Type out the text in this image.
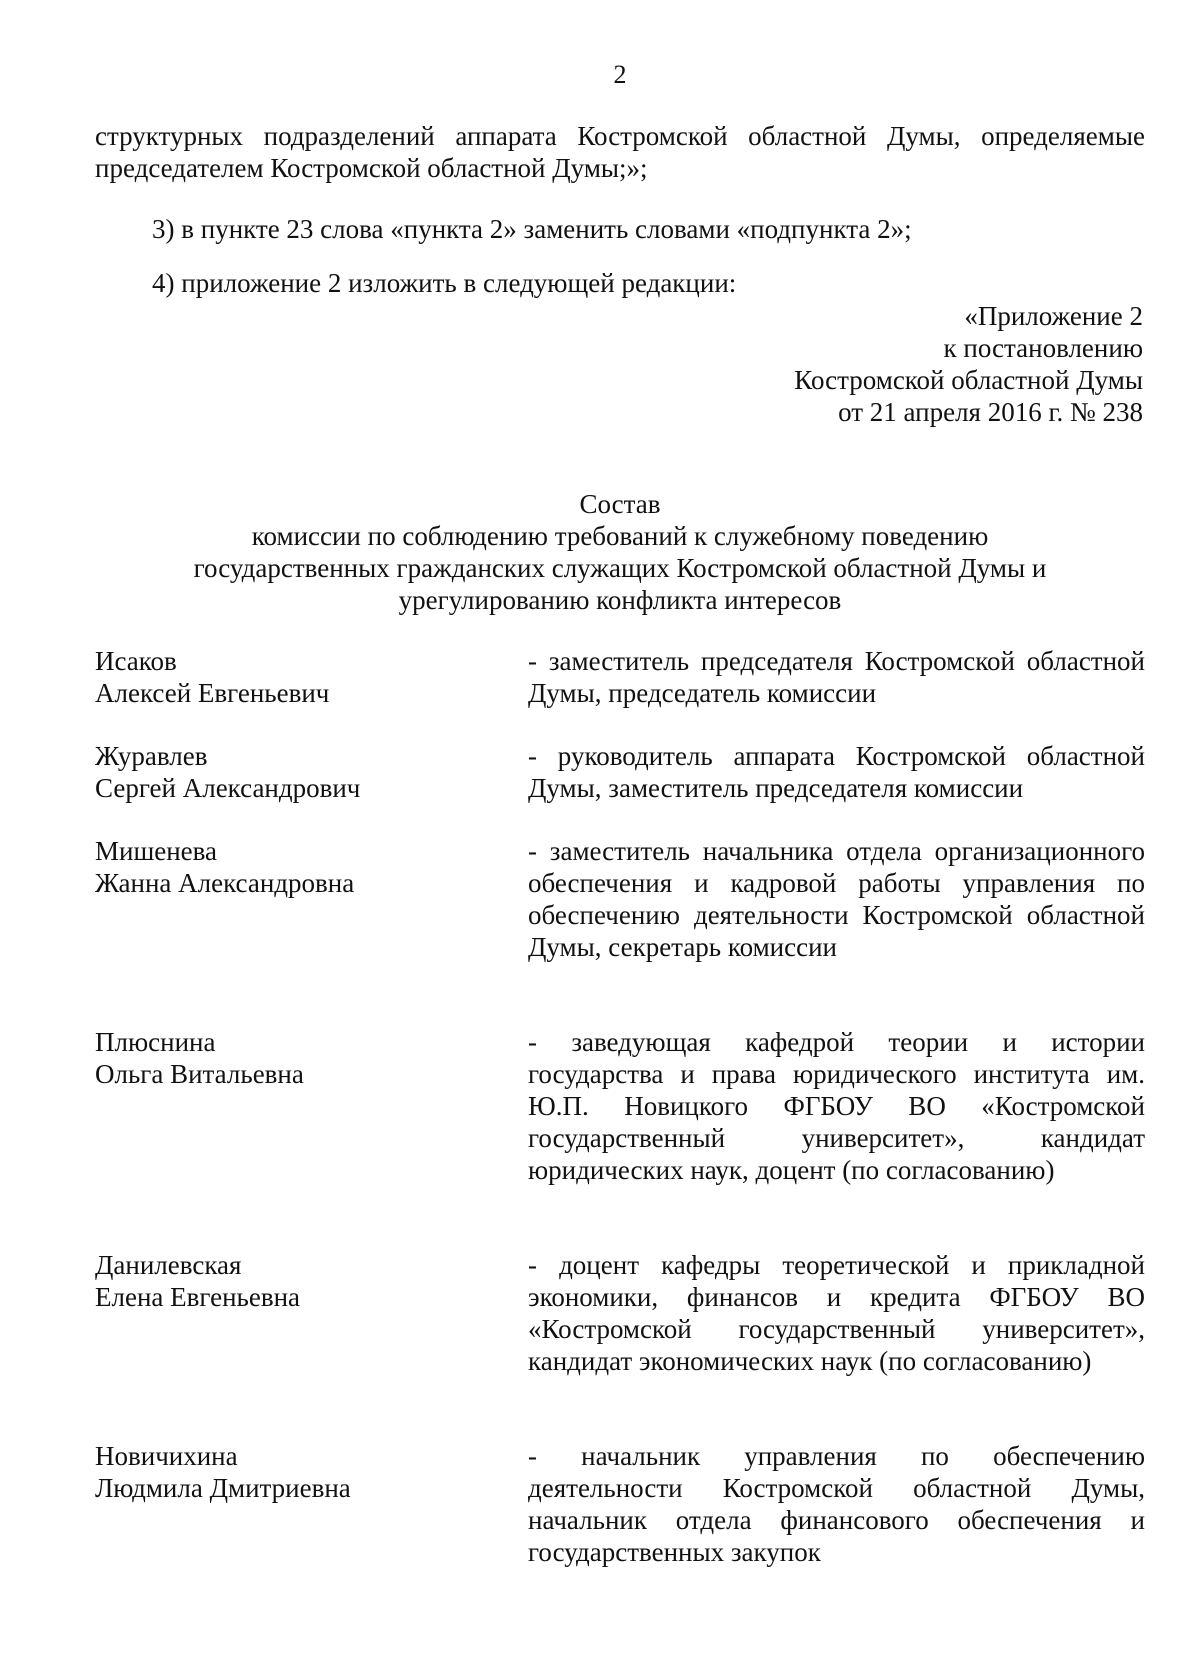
2
структурных подразделений аппарата Костромской областной Думы, определяемые
председателем Костромской областной Думы;»;
3) в пункте 23 слова «пункта 2» заменить словами «подпункта 2»;
4) приложение 2 изложить в следующей редакции:
«Приложение 2
к постановлению
Костромской областной Думы
от 21 апреля 2016 г. № 238
Состав
комиссии по соблюдению требований к служебному поведению
государственных гражданских служащих Костромской областной Думы и
урегулированию конфликта интересов
Исаков
Алексей Евгеньевич
- заместитель председателя Костромской областной Думы, председатель комиссии
Журавлев
Сергей Александрович
- руководитель аппарата Костромской областной Думы, заместитель председателя комиссии
Мишенева
Жанна Александровна
- заместитель начальника отдела организационного обеспечения и кадровой работы управления по обеспечению деятельности Костромской областной Думы, секретарь комиссии
Плюснина
Ольга Витальевна
- заведующая кафедрой теории и истории государства и права юридического института им. Ю.П. Новицкого ФГБОУ ВО «Костромской государственный университет», кандидат юридических наук, доцент (по согласованию)
Данилевская
Елена Евгеньевна
- доцент кафедры теоретической и прикладной экономики, финансов и кредита ФГБОУ ВО «Костромской государственный университет», кандидат экономических наук (по согласованию)
Новичихина
Людмила Дмитриевна
- начальник управления по обеспечению деятельности Костромской областной Думы, начальник отдела финансового обеспечения и государственных закупок
